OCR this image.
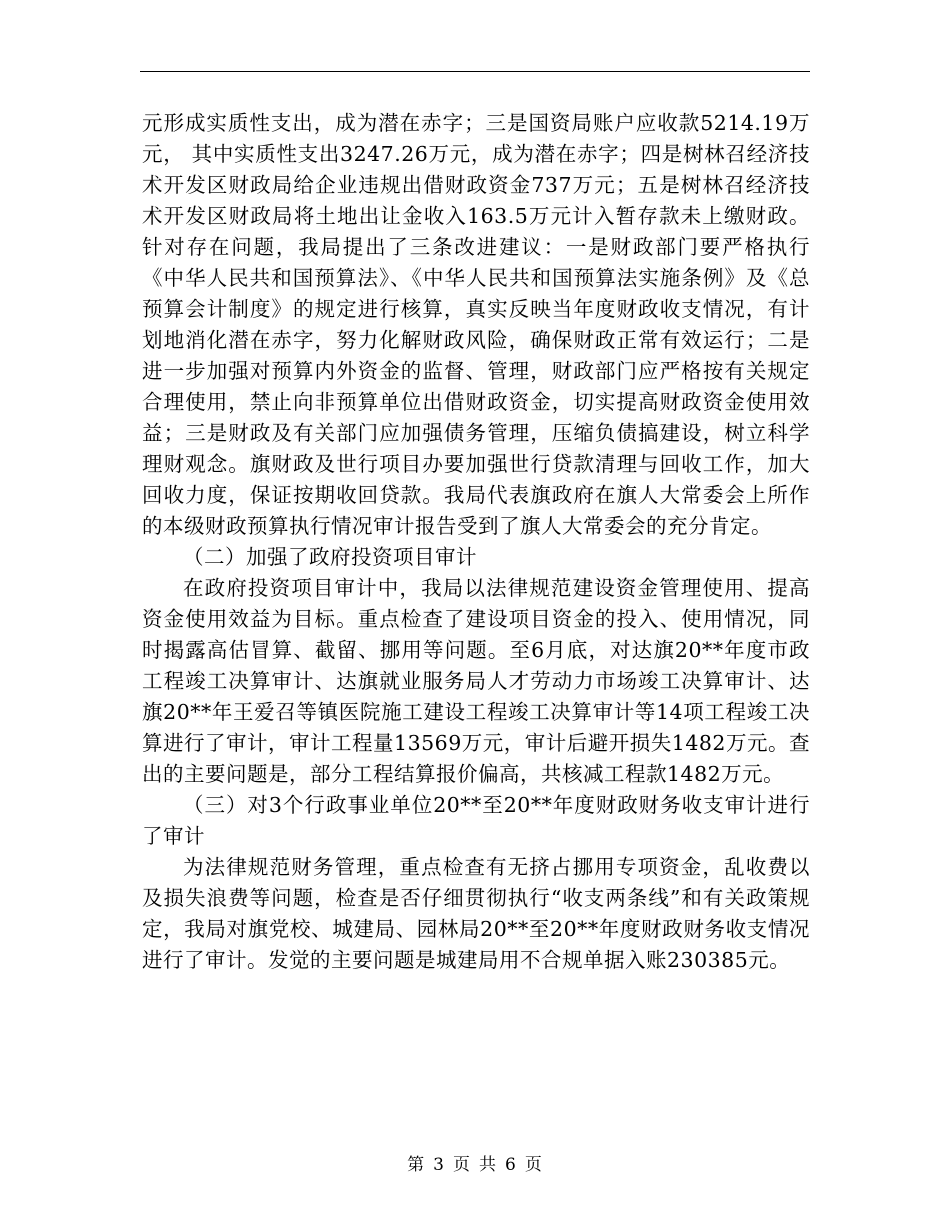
元形成实质性支出，成为潜在赤字；三是国资局账户应收款5214.19万元， 其中实质性支出3247.26万元，成为潜在赤字；四是树林召经济技术开发区财政局给企业违规出借财政资金737万元；五是树林召经济技术开发区财政局将土地出让金收入163.5万元计入暂存款未上缴财政。针对存在问题，我局提出了三条改进建议：一是财政部门要严格执行《中华人民共和国预算法》、《中华人民共和国预算法实施条例》及《总预算会计制度》的规定进行核算，真实反映当年度财政收支情况，有计划地消化潜在赤字，努力化解财政风险，确保财政正常有效运行；二是进一步加强对预算内外资金的监督、管理，财政部门应严格按有关规定合理使用，禁止向非预算单位出借财政资金，切实提高财政资金使用效益；三是财政及有关部门应加强债务管理，压缩负债搞建设，树立科学理财观念。旗财政及世行项目办要加强世行贷款清理与回收工作，加大回收力度，保证按期收回贷款。我局代表旗政府在旗人大常委会上所作的本级财政预算执行情况审计报告受到了旗人大常委会的充分肯定。

（二）加强了政府投资项目审计

在政府投资项目审计中，我局以法律规范建设资金管理使用、提高资金使用效益为目标。重点检查了建设项目资金的投入、使用情况，同时揭露高估冒算、截留、挪用等问题。至6月底，对达旗20**年度市政工程竣工决算审计、达旗就业服务局人才劳动力市场竣工决算审计、达旗20**年王爱召等镇医院施工建设工程竣工决算审计等14项工程竣工决算进行了审计，审计工程量13569万元，审计后避开损失1482万元。查出的主要问题是，部分工程结算报价偏高，共核减工程款1482万元。

（三）对3个行政事业单位20**至20**年度财政财务收支审计进行了审计

为法律规范财务管理，重点检查有无挤占挪用专项资金，乱收费以及损失浪费等问题，检查是否仔细贯彻执行“收支两条线”和有关政策规定，我局对旗党校、城建局、园林局20**至20**年度财政财务收支情况进行了审计。发觉的主要问题是城建局用不合规单据入账230385元。

第 3 页 共 6 页
